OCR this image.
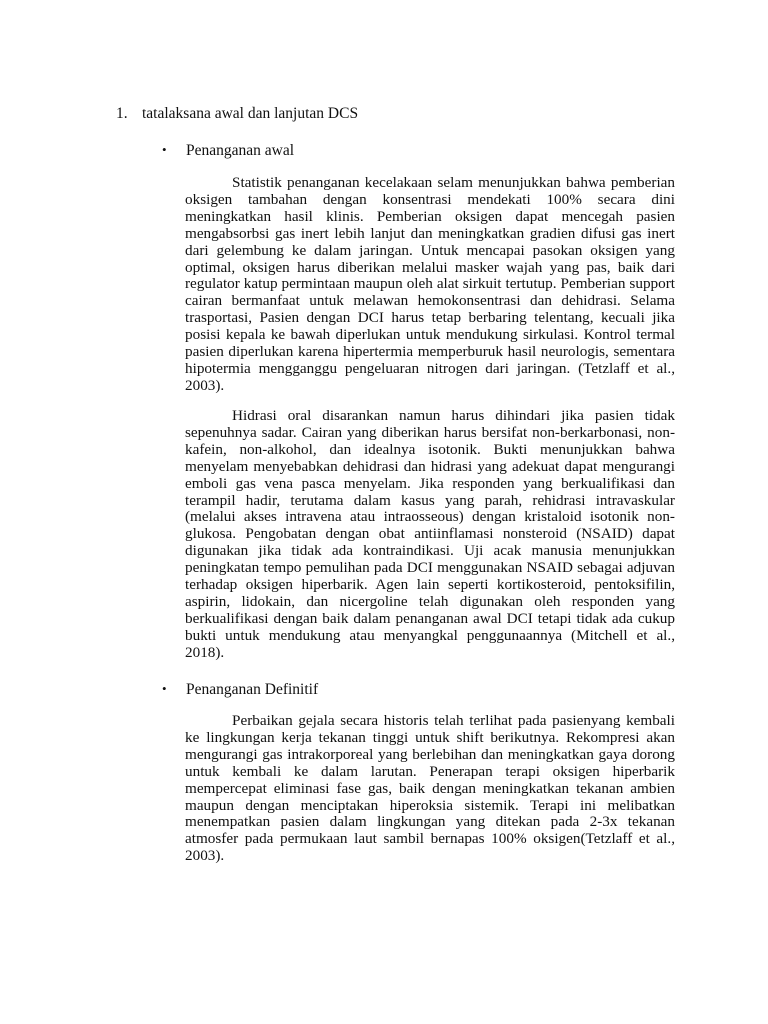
1. tatalaksana awal dan lanjutan DCS
• Penanganan awal

Statistik penanganan kecelakaan selam menunjukkan bahwa pemberian oksigen tambahan dengan konsentrasi mendekati 100% secara dini meningkatkan hasil klinis. Pemberian oksigen dapat mencegah pasien mengabsorbsi gas inert lebih lanjut dan meningkatkan gradien difusi gas inert dari gelembung ke dalam jaringan. Untuk mencapai pasokan oksigen yang optimal, oksigen harus diberikan melalui masker wajah yang pas, baik dari regulator katup permintaan maupun oleh alat sirkuit tertutup. Pemberian support cairan bermanfaat untuk melawan hemokonsentrasi dan dehidrasi. Selama trasportasi, Pasien dengan DCI harus tetap berbaring telentang, kecuali jika posisi kepala ke bawah diperlukan untuk mendukung sirkulasi. Kontrol termal pasien diperlukan karena hipertermia memperburuk hasil neurologis, sementara hipotermia mengganggu pengeluaran nitrogen dari jaringan. (Tetzlaff et al., 2003).

Hidrasi oral disarankan namun harus dihindari jika pasien tidak sepenuhnya sadar. Cairan yang diberikan harus bersifat non-berkarbonasi, non-kafein, non-alkohol, dan idealnya isotonik. Bukti menunjukkan bahwa menyelam menyebabkan dehidrasi dan hidrasi yang adekuat dapat mengurangi emboli gas vena pasca menyelam. Jika responden yang berkualifikasi dan terampil hadir, terutama dalam kasus yang parah, rehidrasi intravaskular (melalui akses intravena atau intraosseous) dengan kristaloid isotonik non-glukosa. Pengobatan dengan obat antiinflamasi nonsteroid (NSAID) dapat digunakan jika tidak ada kontraindikasi. Uji acak manusia menunjukkan peningkatan tempo pemulihan pada DCI menggunakan NSAID sebagai adjuvan terhadap oksigen hiperbarik. Agen lain seperti kortikosteroid, pentoksifilin, aspirin, lidokain, dan nicergoline telah digunakan oleh responden yang berkualifikasi dengan baik dalam penanganan awal DCI tetapi tidak ada cukup bukti untuk mendukung atau menyangkal penggunaannya (Mitchell et al., 2018).

• Penanganan Definitif

Perbaikan gejala secara historis telah terlihat pada pasienyang kembali ke lingkungan kerja tekanan tinggi untuk shift berikutnya. Rekompresi akan mengurangi gas intrakorporeal yang berlebihan dan meningkatkan gaya dorong untuk kembali ke dalam larutan. Penerapan terapi oksigen hiperbarik mempercepat eliminasi fase gas, baik dengan meningkatkan tekanan ambien maupun dengan menciptakan hiperoksia sistemik. Terapi ini melibatkan menempatkan pasien dalam lingkungan yang ditekan pada 2-3x tekanan atmosfer pada permukaan laut sambil bernapas 100% oksigen(Tetzlaff et al., 2003).
